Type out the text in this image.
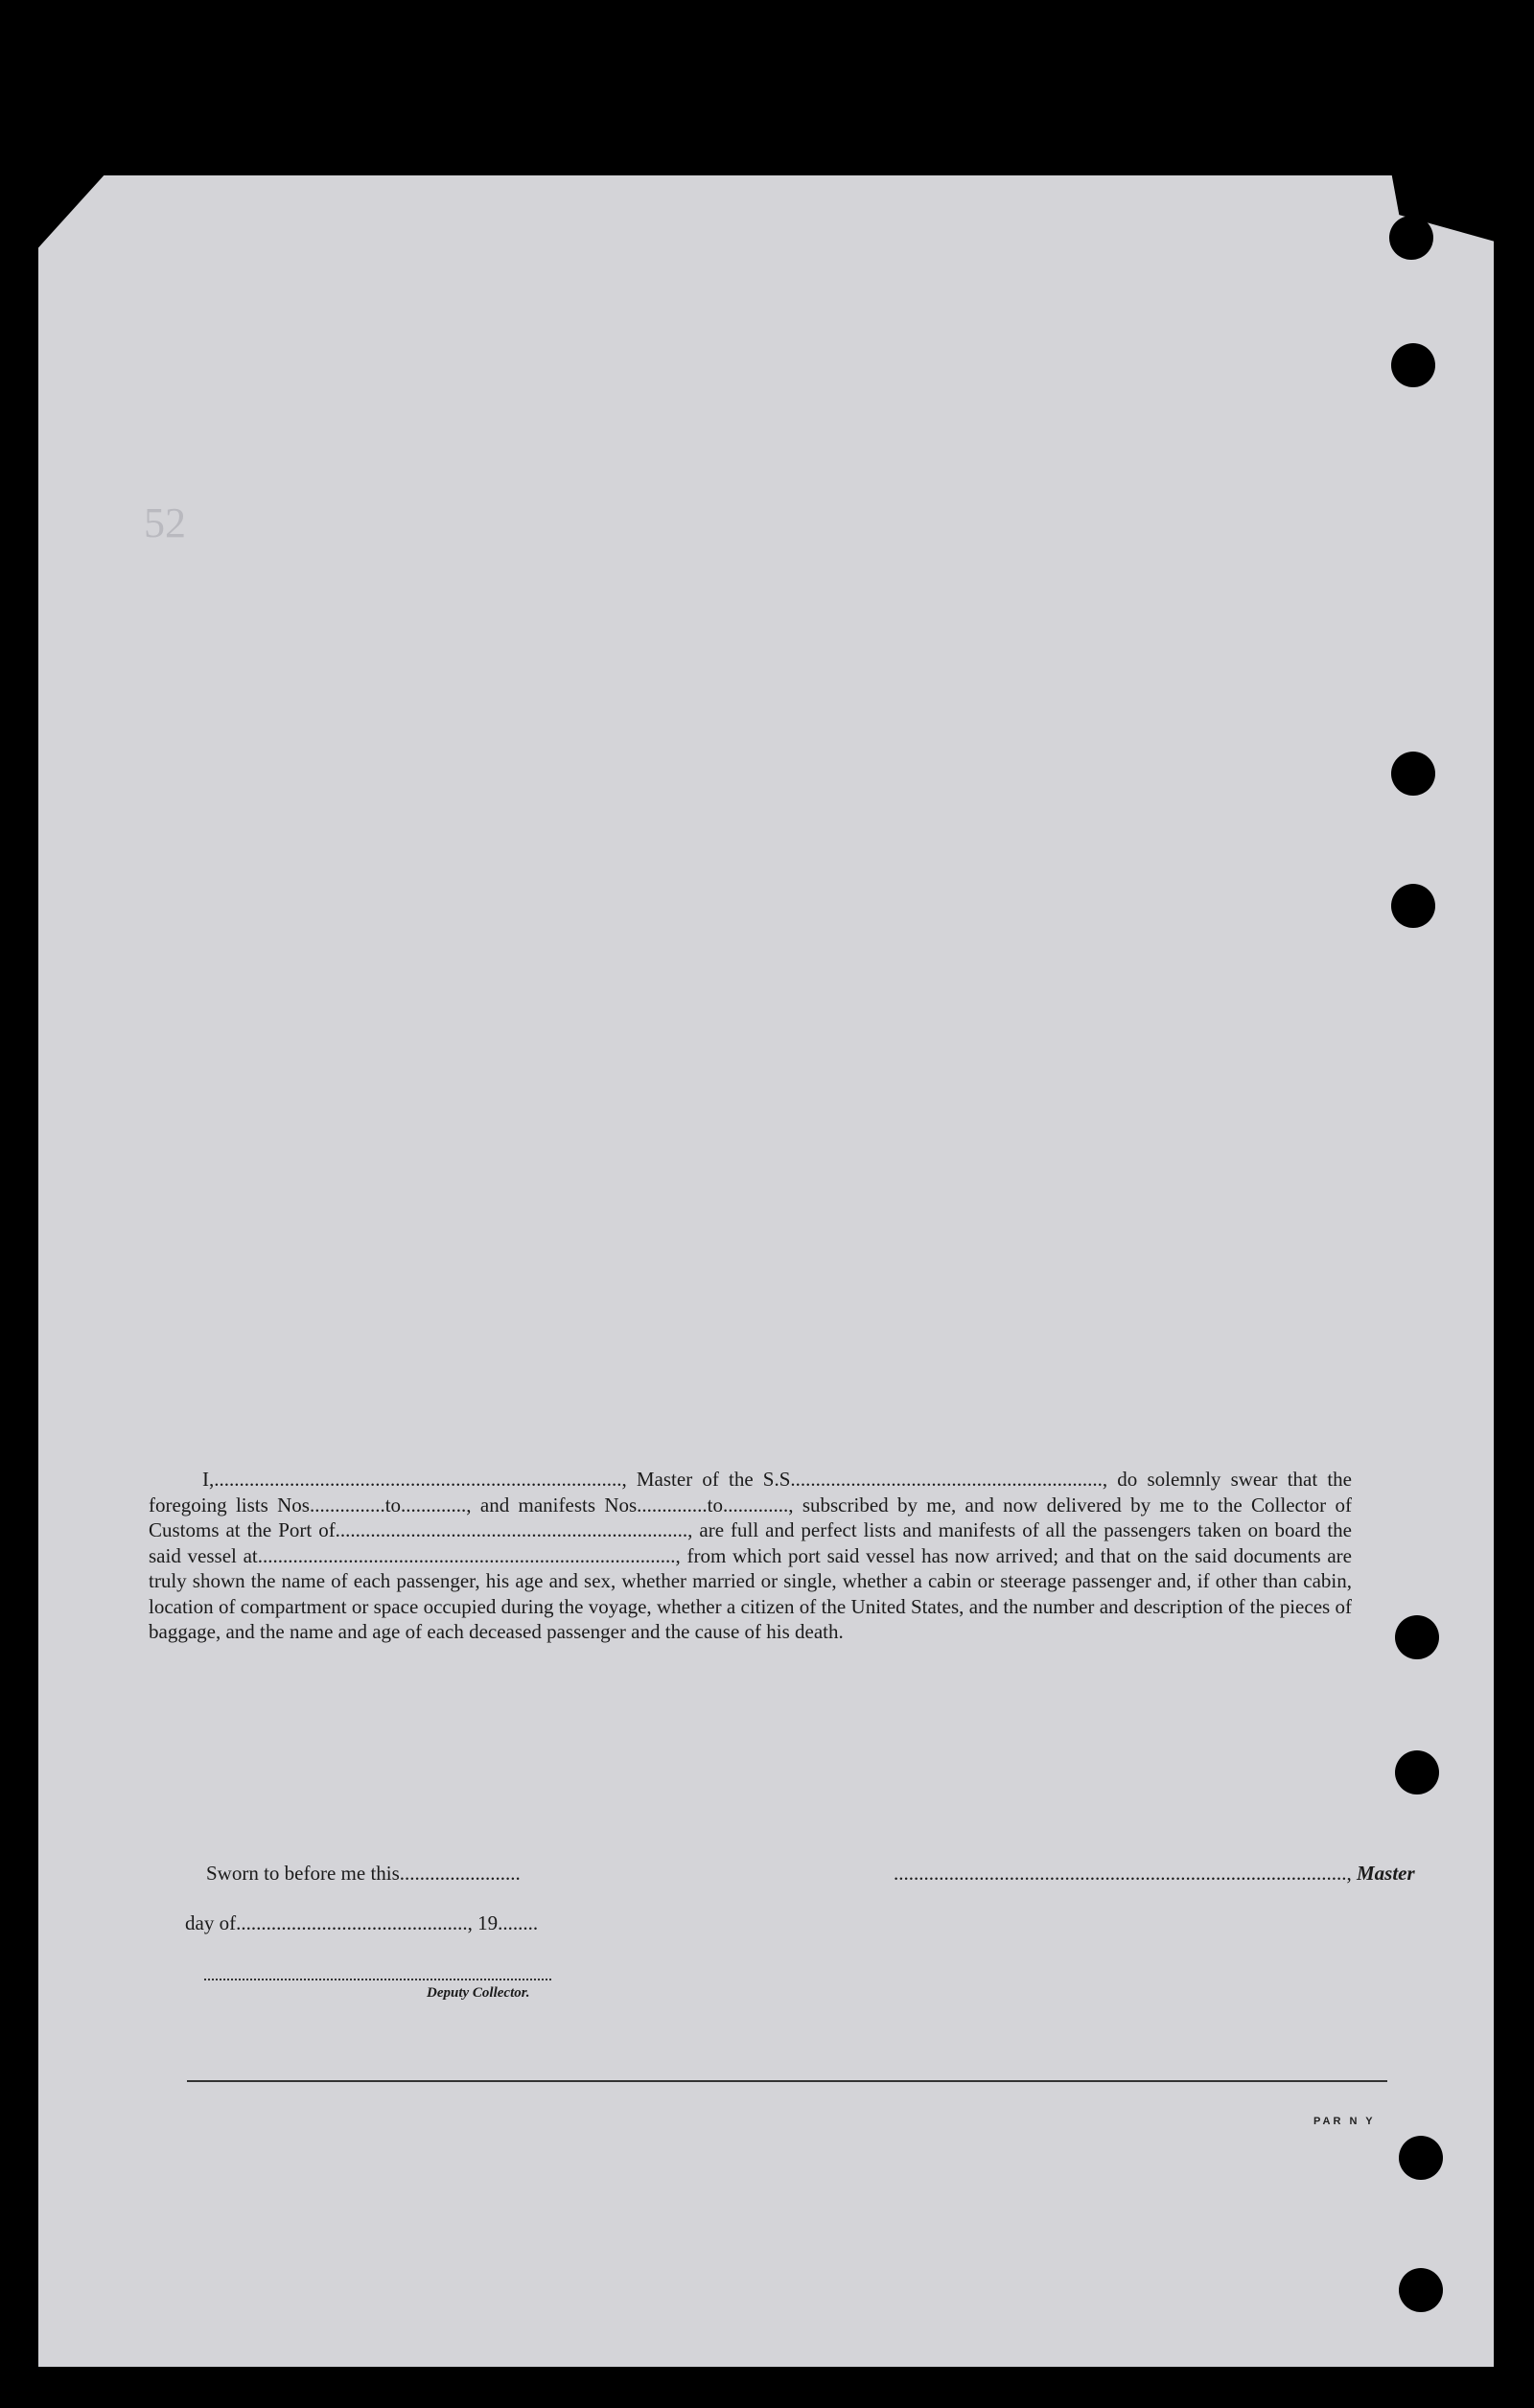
52

I,................................................................................., Master of the S.S.............................................................., do solemnly swear that the foregoing lists Nos...............to............., and manifests Nos..............to............., subscribed by me, and now delivered by me to the Collector of Customs at the Port of......................................................................, are full and perfect lists and manifests of all the passengers taken on board the said vessel at..................................................................................., from which port said vessel has now arrived; and that on the said documents are truly shown the name of each passenger, his age and sex, whether married or single, whether a cabin or steerage passenger and, if other than cabin, location of compartment or space occupied during the voyage, whether a citizen of the United States, and the number and description of the pieces of baggage, and the name and age of each deceased passenger and the cause of his death.

Sworn to before me this........................	.........................................................................................., Master
day of.............................................., 19........
Deputy Collector.
PAR N Y
